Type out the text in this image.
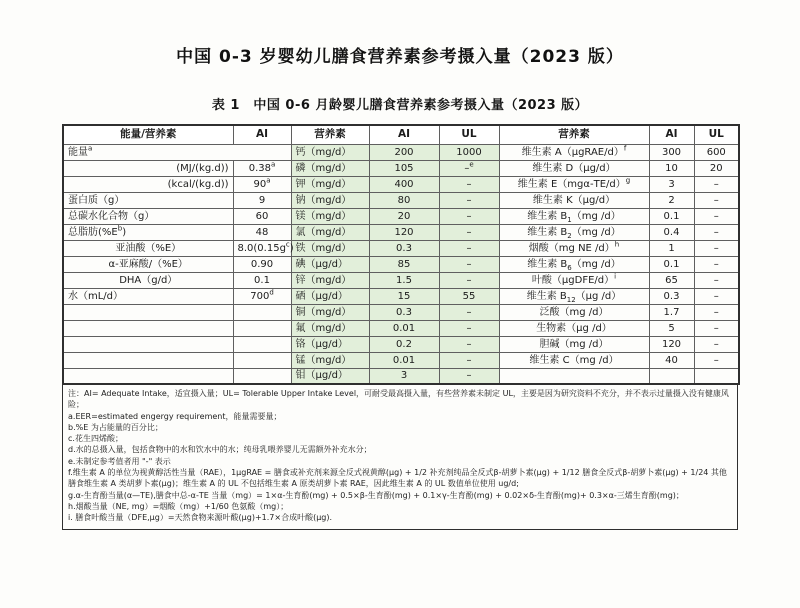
中国 0-3 岁婴幼儿膳食营养素参考摄入量（2023 版）
表 1　中国 0-6 月龄婴儿膳食营养素参考摄入量（2023 版）
能量/营养素	AI	营养素	AI	UL	营养素	AI	UL
能量$^a$		钙（mg/d）	200	1000	维生素 A（μgRAE/d）$^f$	300	600
(MJ/(kg.d))	0.38$^a$	磷（mg/d）	105	–$^e$	维生素 D（μg/d）	10	20
(kcal/(kg.d))	90$^a$	钾（mg/d）	400	–	维生素 $E(mg\alpha-TE/d)^g$	3	–
蛋白质（g）	9	钠（mg/d）	80	–	维生素 K（μg/d）	2	–
总碳水化合物（g）	60	镁（mg/d）	20	–	维生素 $B_1(mg$ /d）	0.1	–
总脂肪$(\%E^b)$	48	氯（mg/d）	120	–	维生素 $B_2(mg$ /d）	0.4	–
亚油酸（%E）	$8.0(0.15g^c)$	铁（mg/d）	0.3	–	烟酸（mg NE /d）$^h$	1	–
α-亚麻酸/（%E）	0.90	碘（μg/d）	85	–	维生素 $B_6(mg$ /d）	0.1	–
DHA（g/d）	0.1	锌（mg/d）	1.5	–	叶酸（μgDFE/d）$^i$	65	–
水（mL/d）	700$^d$	硒（μg/d）	15	55	维生素 $B_{12}(\mu g$ /d）	0.3	–
		铜（mg/d）	0.3	–	泛酸（mg /d）	1.7	–
		氟（mg/d）	0.01	–	生物素（μg /d）	5	–
		铬（μg/d）	0.2	–	胆碱（mg /d）	120	–
		锰（mg/d）	0.01	–	维生素 C（mg /d）	40	–
		钼（μg/d）	3	–			
注：AI= Adequate Intake，适宜摄入量；UL= Tolerable Upper Intake Level，可耐受最高摄入量，有些营养素未制定 UL，主要是因为研究资料不充分，并不表示过量摄入没有健康风险；
a.EER=estimated engergy requirement，能量需要量；
b.%E 为占能量的百分比；
c.花生四烯酸；
d.水的总摄入量，包括食物中的水和饮水中的水；纯母乳喂养婴儿无需额外补充水分；
e.未制定参考值者用 "-" 表示
f.维生素 A 的单位为视黄醇活性当量（RAE），1μgRAE = 膳食或补充剂来源全反式视黄醇(μg) + 1/2 补充剂纯品全反式β-胡萝卜素(μg) + 1/12 膳食全反式β-胡萝卜素(μg) + 1/24 其他膳食维生素 A 类胡萝卜素(μg)；维生素 A 的 UL 不包括维生素 A 原类胡萝卜素 RAE，因此维生素 A 的 UL 数值单位使用 ug/d;
g.α-生育酚当量(α—TE),膳食中总-α-TE 当量（mg）= 1×α-生育酚(mg) + 0.5×β-生育酚(mg) + 0.1×γ-生育酚(mg) + 0.02×δ-生育酚(mg)+ 0.3×α-三烯生育酚(mg)；
h.烟酸当量（NE, mg）=烟酸（mg）+1/60 色氨酸（mg）；
i. 膳食叶酸当量（DFE,μg）=天然食物来源叶酸(μg)+1.7×合成叶酸(μg).
